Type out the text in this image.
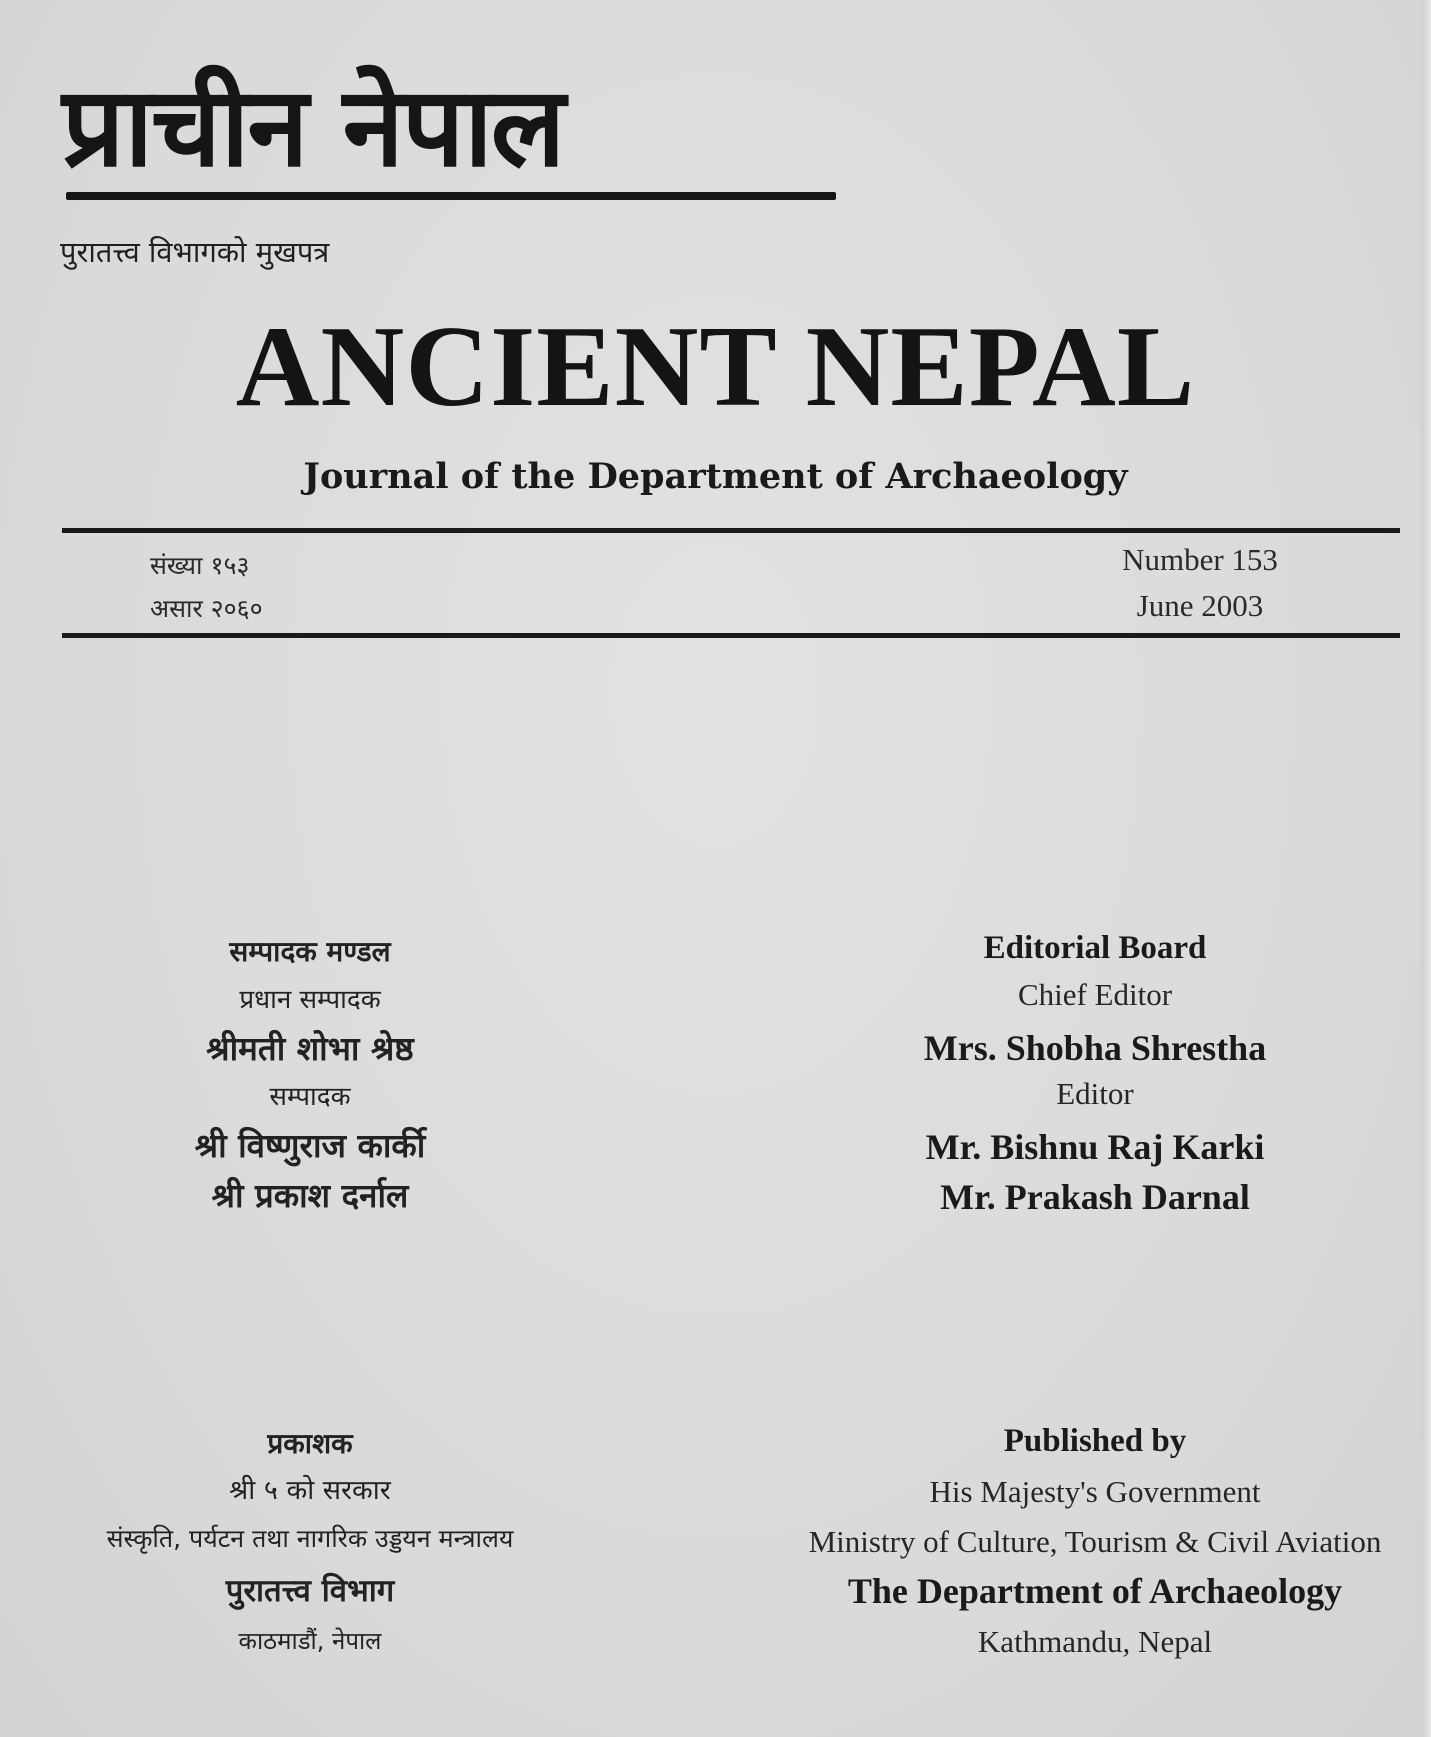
प्राचीन नेपाल
पुरातत्त्व विभागको मुखपत्र
ANCIENT NEPAL
Journal of the Department of Archaeology
संख्या १५३
असार २०६०
Number 153
June 2003
सम्पादक मण्डल
प्रधान सम्पादक
श्रीमती शोभा श्रेष्ठ
सम्पादक
श्री विष्णुराज कार्की
श्री प्रकाश दर्नाल
Editorial Board
Chief Editor
Mrs. Shobha Shrestha
Editor
Mr. Bishnu Raj Karki
Mr. Prakash Darnal
प्रकाशक
श्री ५ को सरकार
संस्कृति, पर्यटन तथा नागरिक उड्डयन मन्त्रालय
पुरातत्त्व विभाग
काठमाडौं, नेपाल
Published by
His Majesty's Government
Ministry of Culture, Tourism & Civil Aviation
The Department of Archaeology
Kathmandu, Nepal
